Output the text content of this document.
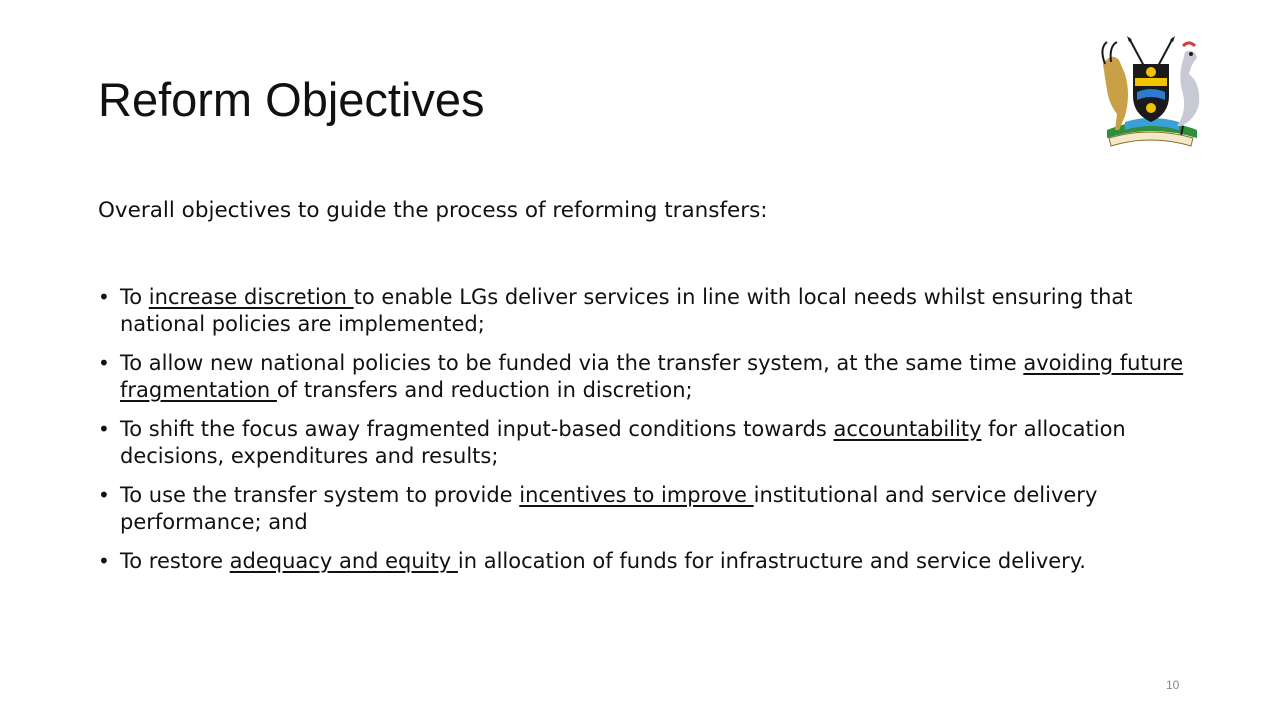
Reform Objectives

Overall objectives to guide the process of reforming transfers:

• To increase discretion to enable LGs deliver services in line with local needs whilst ensuring that national policies are implemented;
• To allow new national policies to be funded via the transfer system, at the same time avoiding future fragmentation of transfers and reduction in discretion;
• To shift the focus away fragmented input-based conditions towards accountability for allocation decisions, expenditures and results;
• To use the transfer system to provide incentives to improve institutional and service delivery performance; and
• To restore adequacy and equity in allocation of funds for infrastructure and service delivery.
10
